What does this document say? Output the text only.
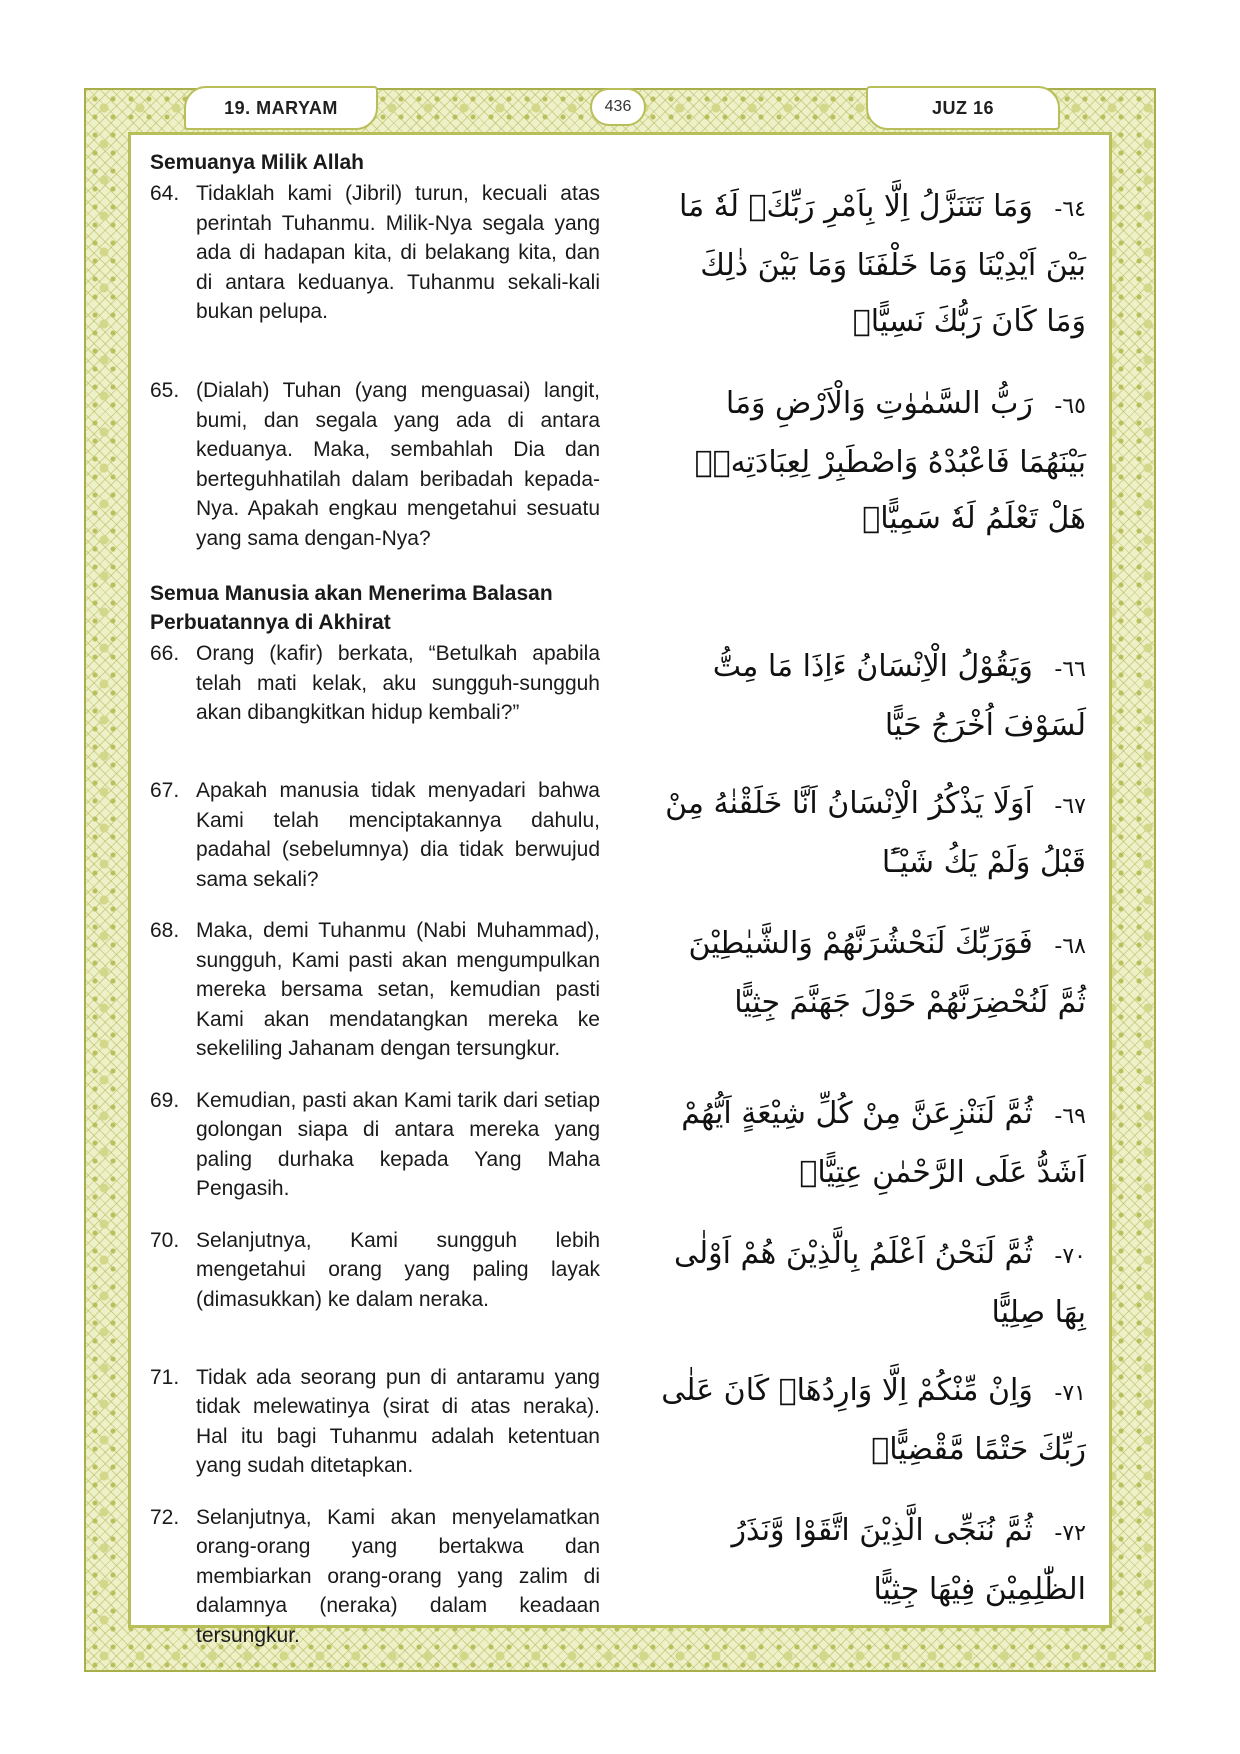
19. MARYAM	436	JUZ 16
Semuanya Milik Allah
64. Tidaklah kami (Jibril) turun, kecuali atas perintah Tuhanmu. Milik-Nya segala yang ada di hadapan kita, di belakang kita, dan di antara keduanya. Tuhanmu sekali-kali bukan pelupa.
٦٤- وَمَا نَتَنَزَّلُ اِلَّا بِاَمْرِ رَبِّكَۚ لَهٗ مَا بَيْنَ اَيْدِيْنَا وَمَا خَلْفَنَا وَمَا بَيْنَ ذٰلِكَ وَمَا كَانَ رَبُّكَ نَسِيًّاۚ
65. (Dialah) Tuhan (yang menguasai) langit, bumi, dan segala yang ada di antara keduanya. Maka, sembahlah Dia dan berteguhhatilah dalam beribadah kepada-Nya. Apakah engkau mengetahui sesuatu yang sama dengan-Nya?
٦٥- رَبُّ السَّمٰوٰتِ وَالْاَرْضِ وَمَا بَيْنَهُمَا فَاعْبُدْهُ وَاصْطَبِرْ لِعِبَادَتِهٖۗ هَلْ تَعْلَمُ لَهٗ سَمِيًّاࣖ
Semua Manusia akan Menerima Balasan Perbuatannya di Akhirat
66. Orang (kafir) berkata, “Betulkah apabila telah mati kelak, aku sungguh-sungguh akan dibangkitkan hidup kembali?”
٦٦- وَيَقُوْلُ الْاِنْسَانُ ءَاِذَا مَا مِتُّ لَسَوْفَ اُخْرَجُ حَيًّا
67. Apakah manusia tidak menyadari bahwa Kami telah menciptakannya dahulu, padahal (sebelumnya) dia tidak berwujud sama sekali?
٦٧- اَوَلَا يَذْكُرُ الْاِنْسَانُ اَنَّا خَلَقْنٰهُ مِنْ قَبْلُ وَلَمْ يَكُ شَيْـًٔا
68. Maka, demi Tuhanmu (Nabi Muhammad), sungguh, Kami pasti akan mengumpulkan mereka bersama setan, kemudian pasti Kami akan mendatangkan mereka ke sekeliling Jahanam dengan tersungkur.
٦٨- فَوَرَبِّكَ لَنَحْشُرَنَّهُمْ وَالشَّيٰطِيْنَ ثُمَّ لَنُحْضِرَنَّهُمْ حَوْلَ جَهَنَّمَ جِثِيًّا
69. Kemudian, pasti akan Kami tarik dari setiap golongan siapa di antara mereka yang paling durhaka kepada Yang Maha Pengasih.
٦٩- ثُمَّ لَنَنْزِعَنَّ مِنْ كُلِّ شِيْعَةٍ اَيُّهُمْ اَشَدُّ عَلَى الرَّحْمٰنِ عِتِيًّاۚ
70. Selanjutnya, Kami sungguh lebih mengetahui orang yang paling layak (dimasukkan) ke dalam neraka.
٧٠- ثُمَّ لَنَحْنُ اَعْلَمُ بِالَّذِيْنَ هُمْ اَوْلٰى بِهَا صِلِيًّا
71. Tidak ada seorang pun di antaramu yang tidak melewatinya (sirat di atas neraka). Hal itu bagi Tuhanmu adalah ketentuan yang sudah ditetapkan.
٧١- وَاِنْ مِّنْكُمْ اِلَّا وَارِدُهَاۚ كَانَ عَلٰى رَبِّكَ حَتْمًا مَّقْضِيًّاۚ
72. Selanjutnya, Kami akan menyelamatkan orang-orang yang bertakwa dan membiarkan orang-orang yang zalim di dalamnya (neraka) dalam keadaan tersungkur.
٧٢- ثُمَّ نُنَجِّى الَّذِيْنَ اتَّقَوْا وَّنَذَرُ الظّٰلِمِيْنَ فِيْهَا جِثِيًّا
